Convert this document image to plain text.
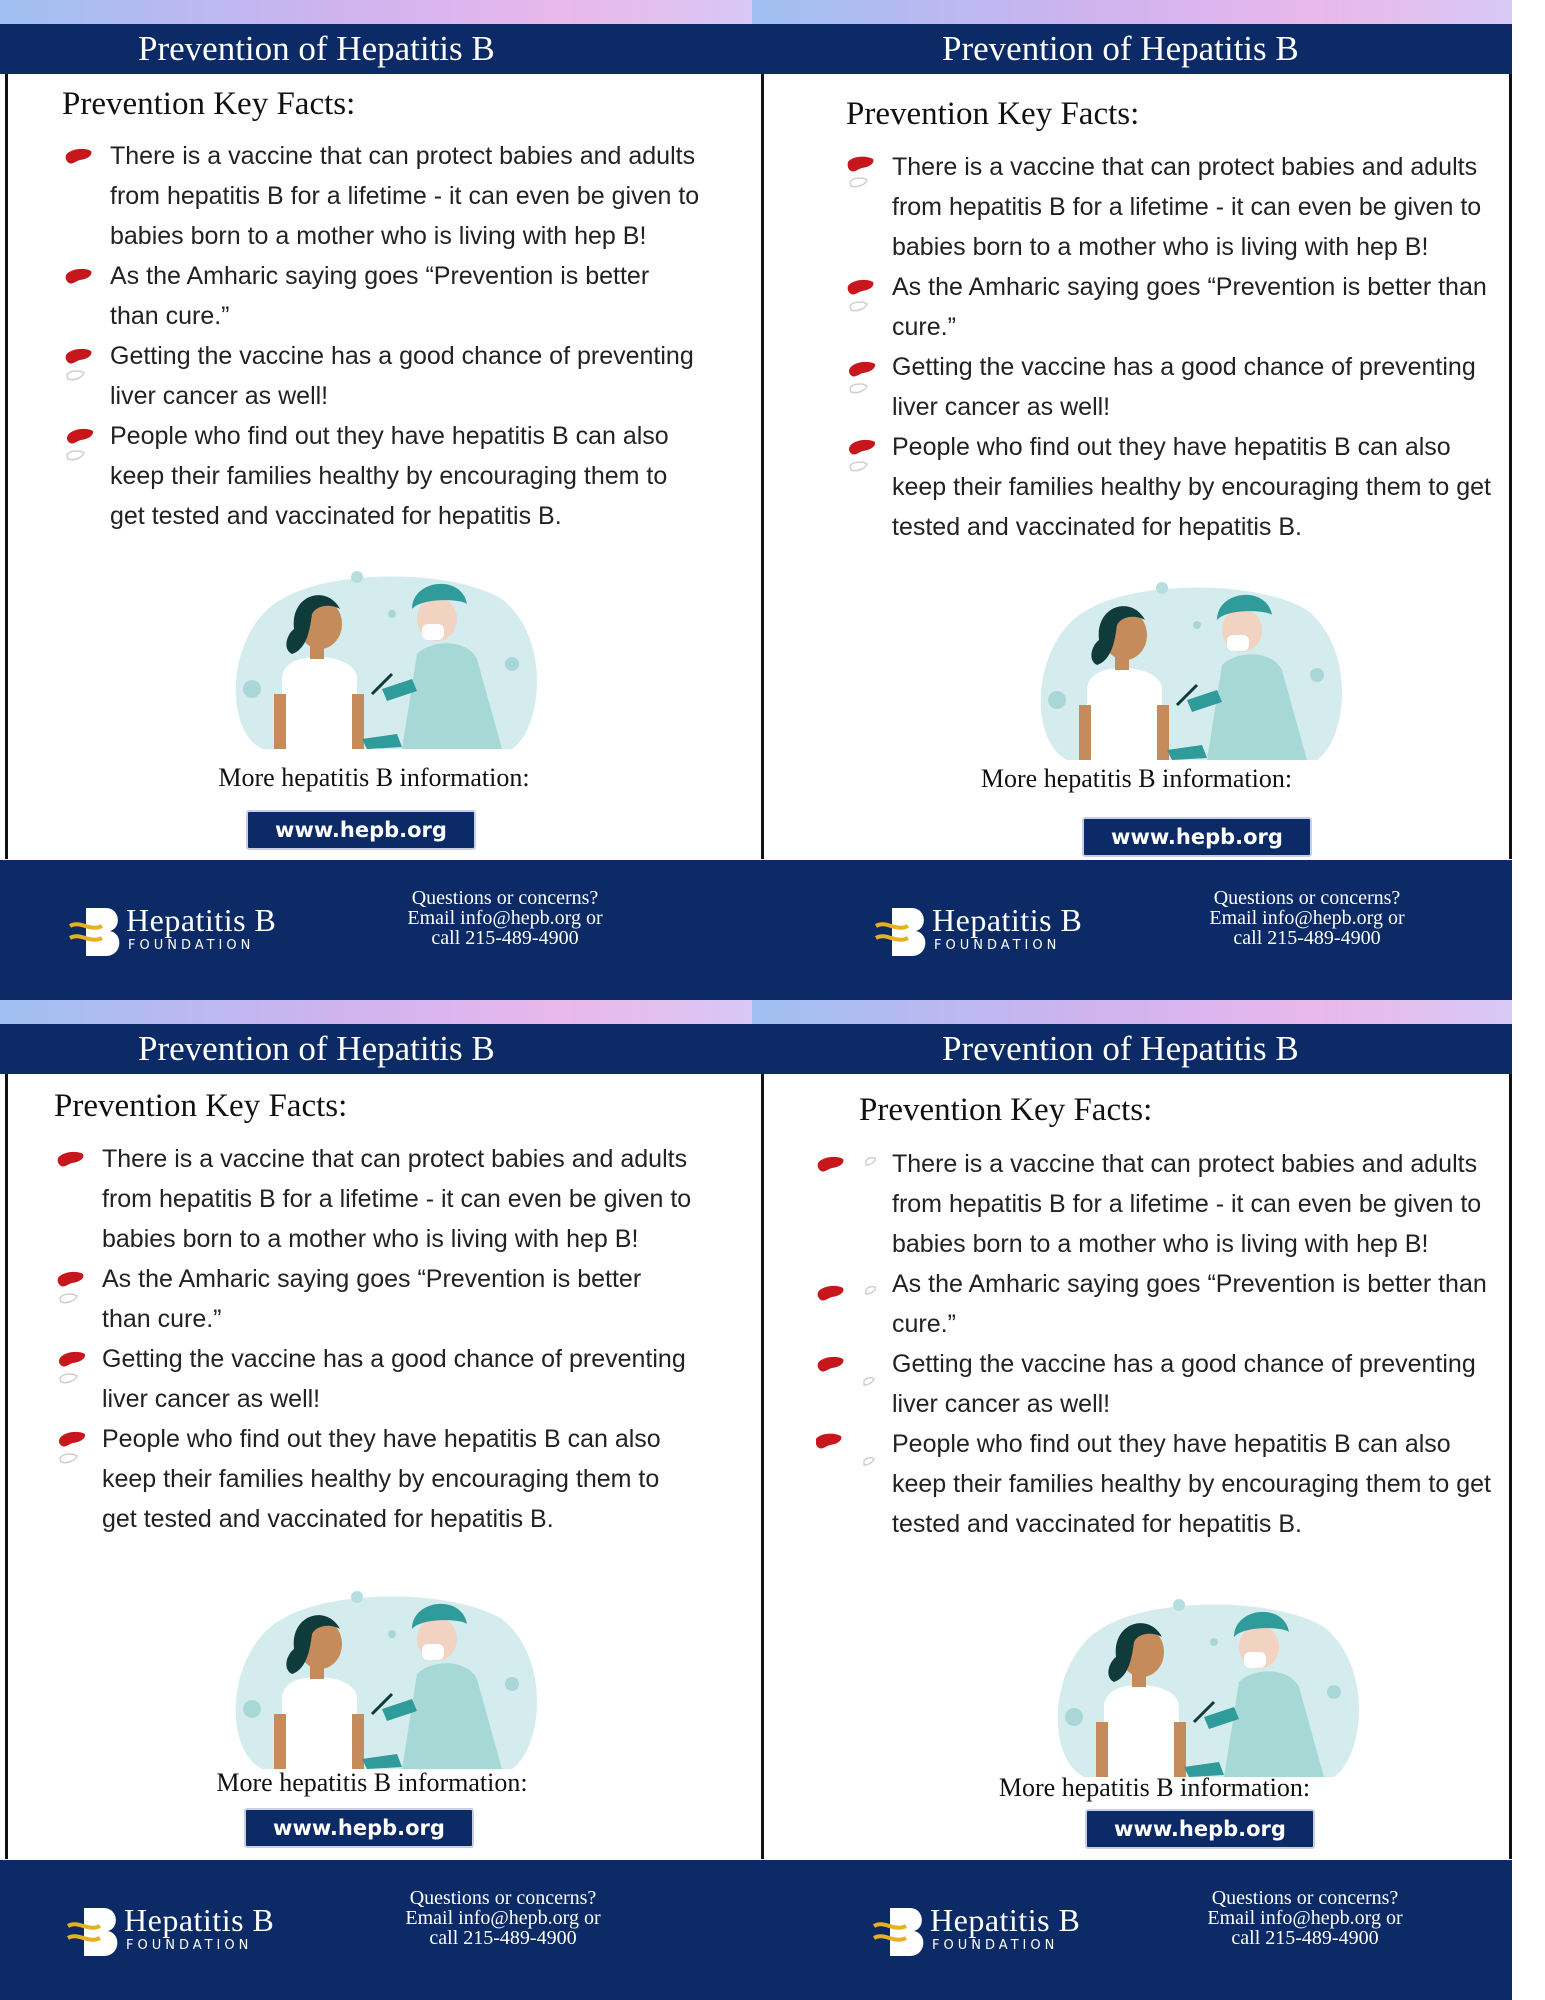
Prevention of Hepatitis B
Prevention Key Facts:
There is a vaccine that can protect babies and adults from hepatitis B for a lifetime - it can even be given to babies born to a mother who is living with hep B!
As the Amharic saying goes “Prevention is better than cure.”
Getting the vaccine has a good chance of preventing liver cancer as well!
People who find out they have hepatitis B can also keep their families healthy by encouraging them to get tested and vaccinated for hepatitis B.
More hepatitis B information:
www.hepb.org
Hepatitis B
FOUNDATION
Questions or concerns?
Email info@hepb.org or
call 215-489-4900
Prevention of Hepatitis B
Prevention Key Facts:
There is a vaccine that can protect babies and adults from hepatitis B for a lifetime - it can even be given to babies born to a mother who is living with hep B!
As the Amharic saying goes “Prevention is better than cure.”
Getting the vaccine has a good chance of preventing liver cancer as well!
People who find out they have hepatitis B can also keep their families healthy by encouraging them to get tested and vaccinated for hepatitis B.
More hepatitis B information:
www.hepb.org
Hepatitis B
FOUNDATION
Questions or concerns?
Email info@hepb.org or
call 215-489-4900
Prevention of Hepatitis B
Prevention Key Facts:
There is a vaccine that can protect babies and adults from hepatitis B for a lifetime - it can even be given to babies born to a mother who is living with hep B!
As the Amharic saying goes “Prevention is better than cure.”
Getting the vaccine has a good chance of preventing liver cancer as well!
People who find out they have hepatitis B can also keep their families healthy by encouraging them to get tested and vaccinated for hepatitis B.
More hepatitis B information:
www.hepb.org
Hepatitis B
FOUNDATION
Questions or concerns?
Email info@hepb.org or
call 215-489-4900
Prevention of Hepatitis B
Prevention Key Facts:
There is a vaccine that can protect babies and adults from hepatitis B for a lifetime - it can even be given to babies born to a mother who is living with hep B!
As the Amharic saying goes “Prevention is better than cure.”
Getting the vaccine has a good chance of preventing liver cancer as well!
People who find out they have hepatitis B can also keep their families healthy by encouraging them to get tested and vaccinated for hepatitis B.
More hepatitis B information:
www.hepb.org
Hepatitis B
FOUNDATION
Questions or concerns?
Email info@hepb.org or
call 215-489-4900
